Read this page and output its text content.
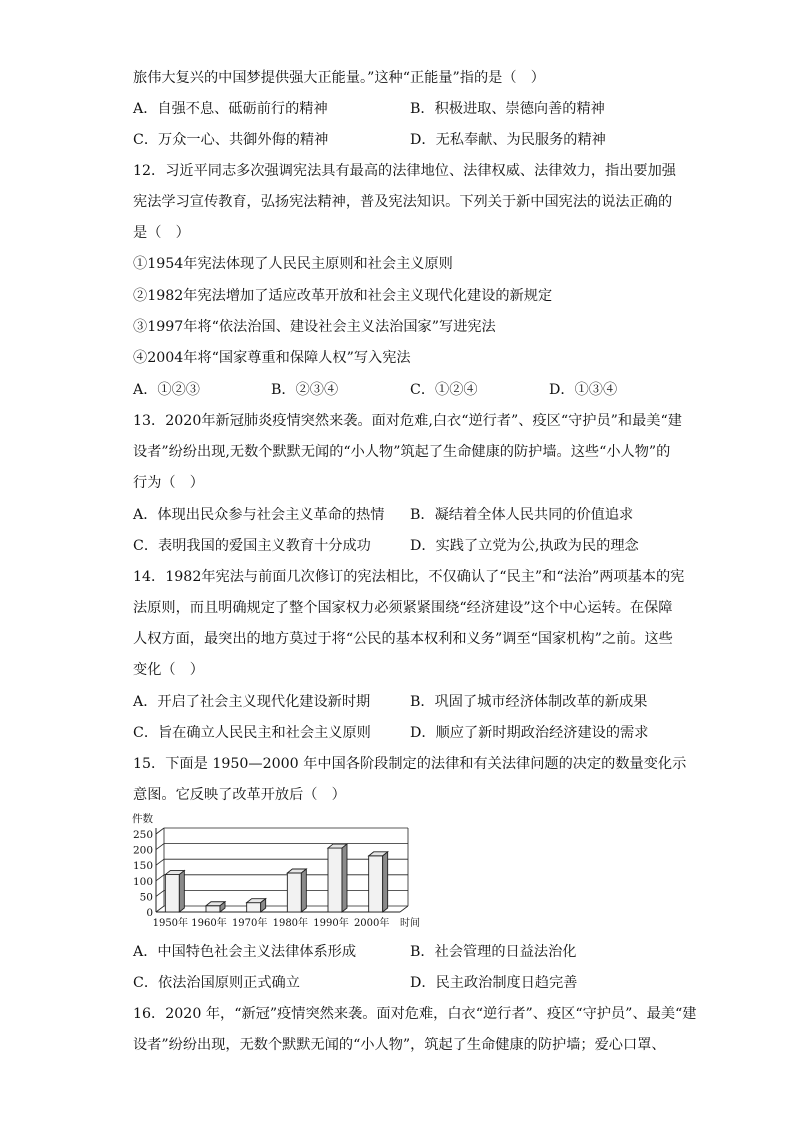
旅伟大复兴的中国梦提供强大正能量。”这种“正能量”指的是（　）
A．自强不息、砥砺前行的精神	B．积极进取、崇德向善的精神
C．万众一心、共御外侮的精神	D．无私奉献、为民服务的精神
12．习近平同志多次强调宪法具有最高的法律地位、法律权威、法律效力，指出要加强
宪法学习宣传教育，弘扬宪法精神，普及宪法知识。下列关于新中国宪法的说法正确的
是（　）
①1954年宪法体现了人民民主原则和社会主义原则
②1982年宪法增加了适应改革开放和社会主义现代化建设的新规定
③1997年将“依法治国、建设社会主义法治国家”写进宪法
④2004年将“国家尊重和保障人权”写入宪法
A．①②③	B．②③④	C．①②④	D．①③④
13．2020年新冠肺炎疫情突然来袭。面对危难,白衣“逆行者”、疫区“守护员”和最美“建
设者”纷纷出现,无数个默默无闻的“小人物”筑起了生命健康的防护墙。这些“小人物”的
行为（　）
A．体现出民众参与社会主义革命的热情 B．凝结着全体人民共同的价值追求
C．表明我国的爱国主义教育十分成功	D．实践了立党为公,执政为民的理念
14．1982年宪法与前面几次修订的宪法相比，不仅确认了“民主”和“法治”两项基本的宪
法原则，而且明确规定了整个国家权力必须紧紧围绕“经济建设”这个中心运转。在保障
人权方面，最突出的地方莫过于将“公民的基本权利和义务”调至“国家机构”之前。这些
变化（　）
A．开启了社会主义现代化建设新时期	B．巩固了城市经济体制改革的新成果
C．旨在确立人民民主和社会主义原则	D．顺应了新时期政治经济建设的需求
15．下面是 1950—2000 年中国各阶段制定的法律和有关法律问题的决定的数量变化示
意图。它反映了改革开放后（　）
A．中国特色社会主义法律体系形成	B．社会管理的日益法治化
C．依法治国原则正式确立	D．民主政治制度日趋完善
16．2020 年，“新冠”疫情突然来袭。面对危难，白衣“逆行者”、疫区“守护员”、最美“建
设者”纷纷出现，无数个默默无闻的“小人物”，筑起了生命健康的防护墙；爱心口罩、
0
50
100
150
200
250
件数
1950年 1960年 1970年 1980年 1990年 2000年 时间
